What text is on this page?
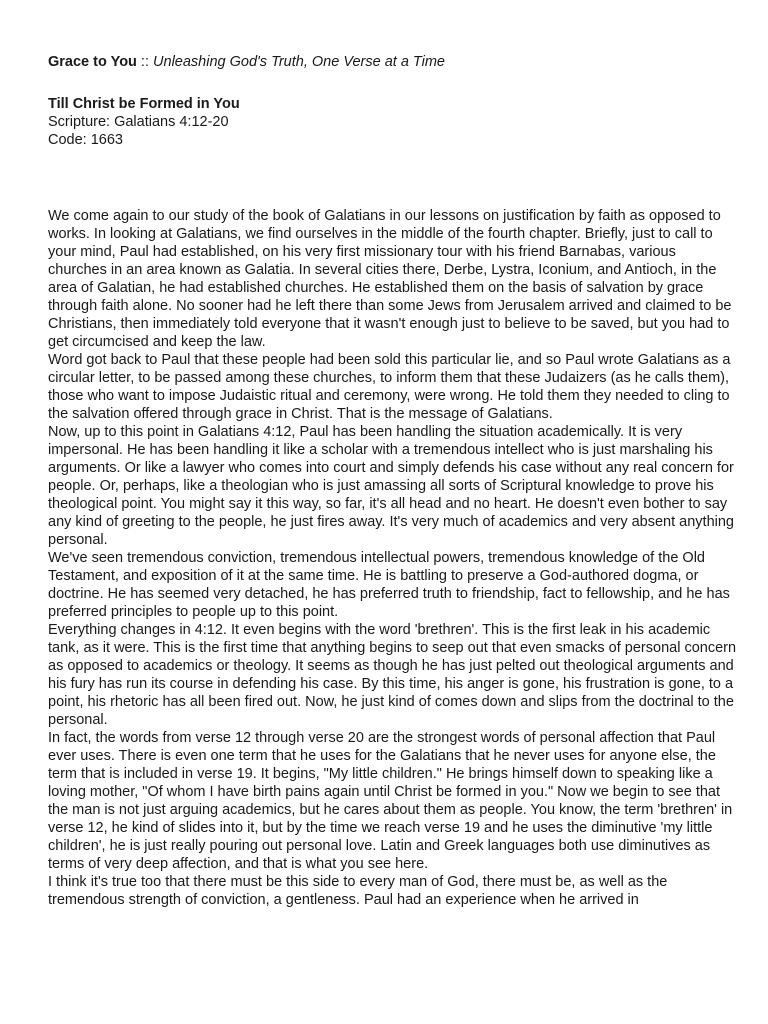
Grace to You :: Unleashing God's Truth, One Verse at a Time

Till Christ be Formed in You

Scripture: Galatians 4:12-20

Code: 1663

We come again to our study of the book of Galatians in our lessons on justification by faith as opposed to works. In looking at Galatians, we find ourselves in the middle of the fourth chapter. Briefly, just to call to your mind, Paul had established, on his very first missionary tour with his friend Barnabas, various churches in an area known as Galatia. In several cities there, Derbe, Lystra, Iconium, and Antioch, in the area of Galatian, he had established churches. He established them on the basis of salvation by grace through faith alone. No sooner had he left there than some Jews from Jerusalem arrived and claimed to be Christians, then immediately told everyone that it wasn't enough just to believe to be saved, but you had to get circumcised and keep the law.

Word got back to Paul that these people had been sold this particular lie, and so Paul wrote Galatians as a circular letter, to be passed among these churches, to inform them that these Judaizers (as he calls them), those who want to impose Judaistic ritual and ceremony, were wrong. He told them they needed to cling to the salvation offered through grace in Christ. That is the message of Galatians.

Now, up to this point in Galatians 4:12, Paul has been handling the situation academically. It is very impersonal. He has been handling it like a scholar with a tremendous intellect who is just marshaling his arguments. Or like a lawyer who comes into court and simply defends his case without any real concern for people. Or, perhaps, like a theologian who is just amassing all sorts of Scriptural knowledge to prove his theological point. You might say it this way, so far, it's all head and no heart. He doesn't even bother to say any kind of greeting to the people, he just fires away. It's very much of academics and very absent anything personal.

We've seen tremendous conviction, tremendous intellectual powers, tremendous knowledge of the Old Testament, and exposition of it at the same time. He is battling to preserve a God-authored dogma, or doctrine. He has seemed very detached, he has preferred truth to friendship, fact to fellowship, and he has preferred principles to people up to this point.

Everything changes in 4:12. It even begins with the word 'brethren'. This is the first leak in his academic tank, as it were. This is the first time that anything begins to seep out that even smacks of personal concern as opposed to academics or theology. It seems as though he has just pelted out theological arguments and his fury has run its course in defending his case. By this time, his anger is gone, his frustration is gone, to a point, his rhetoric has all been fired out. Now, he just kind of comes down and slips from the doctrinal to the personal.

In fact, the words from verse 12 through verse 20 are the strongest words of personal affection that Paul ever uses. There is even one term that he uses for the Galatians that he never uses for anyone else, the term that is included in verse 19. It begins, "My little children." He brings himself down to speaking like a loving mother, "Of whom I have birth pains again until Christ be formed in you." Now we begin to see that the man is not just arguing academics, but he cares about them as people. You know, the term 'brethren' in verse 12, he kind of slides into it, but by the time we reach verse 19 and he uses the diminutive 'my little children', he is just really pouring out personal love. Latin and Greek languages both use diminutives as terms of very deep affection, and that is what you see here.

I think it's true too that there must be this side to every man of God, there must be, as well as the tremendous strength of conviction, a gentleness. Paul had an experience when he arrived in
